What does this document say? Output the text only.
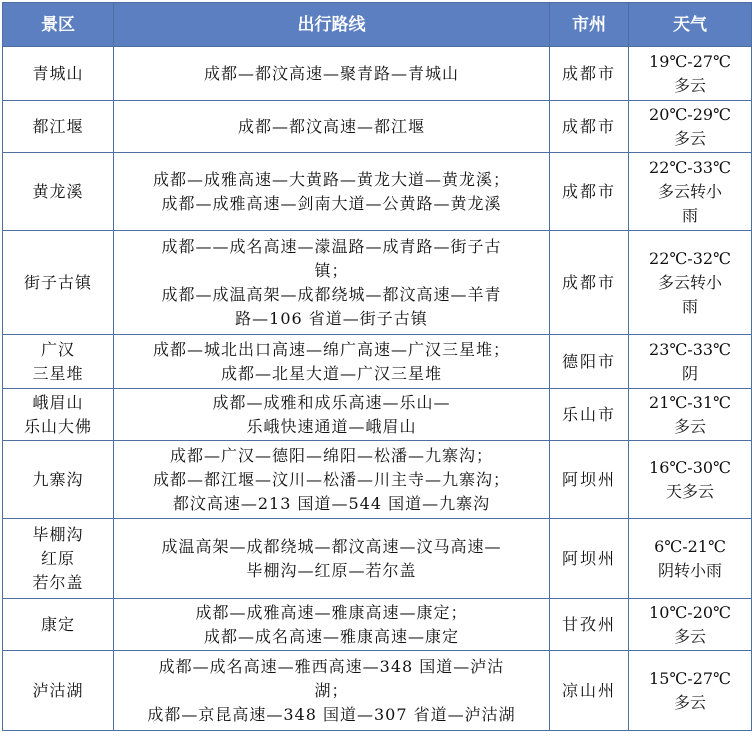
景区	出行路线	市州	天气

青城山	成都—都汶高速—聚青路—青城山	成都市	19℃-27℃
多云

都江堰	成都—都汶高速—都江堰	成都市	20℃-29℃
多云

黄龙溪	成都—成雅高速—大黄路—黄龙大道—黄龙溪；
成都—成雅高速—剑南大道—公黄路—黄龙溪	成都市	22℃-33℃
多云转小
雨

街子古镇	成都——成名高速—濛温路—成青路—街子古
镇；
成都—成温高架—成都绕城—都汶高速—羊青
路—106 省道—街子古镇	成都市	22℃-32℃
多云转小
雨

广汉
三星堆	成都—城北出口高速—绵广高速—广汉三星堆；
成都—北星大道—广汉三星堆	德阳市	23℃-33℃
阴

峨眉山
乐山大佛	成都—成雅和成乐高速—乐山—
乐峨快速通道—峨眉山	乐山市	21℃-31℃
多云

九寨沟	成都—广汉—德阳—绵阳—松潘—九寨沟；
成都—都江堰—汶川—松潘—川主寺—九寨沟；
都汶高速—213 国道—544 国道—九寨沟	阿坝州	16℃-30℃
天多云

毕棚沟
红原
若尔盖	成温高架—成都绕城—都汶高速—汶马高速—
毕棚沟—红原—若尔盖	阿坝州	6℃-21℃
阴转小雨

康定	成都—成雅高速—雅康高速—康定；
成都—成名高速—雅康高速—康定	甘孜州	10℃-20℃
多云

泸沽湖	成都—成名高速—雅西高速—348 国道—泸沽
湖；
成都—京昆高速—348 国道—307 省道—泸沽湖	凉山州	15℃-27℃
多云
